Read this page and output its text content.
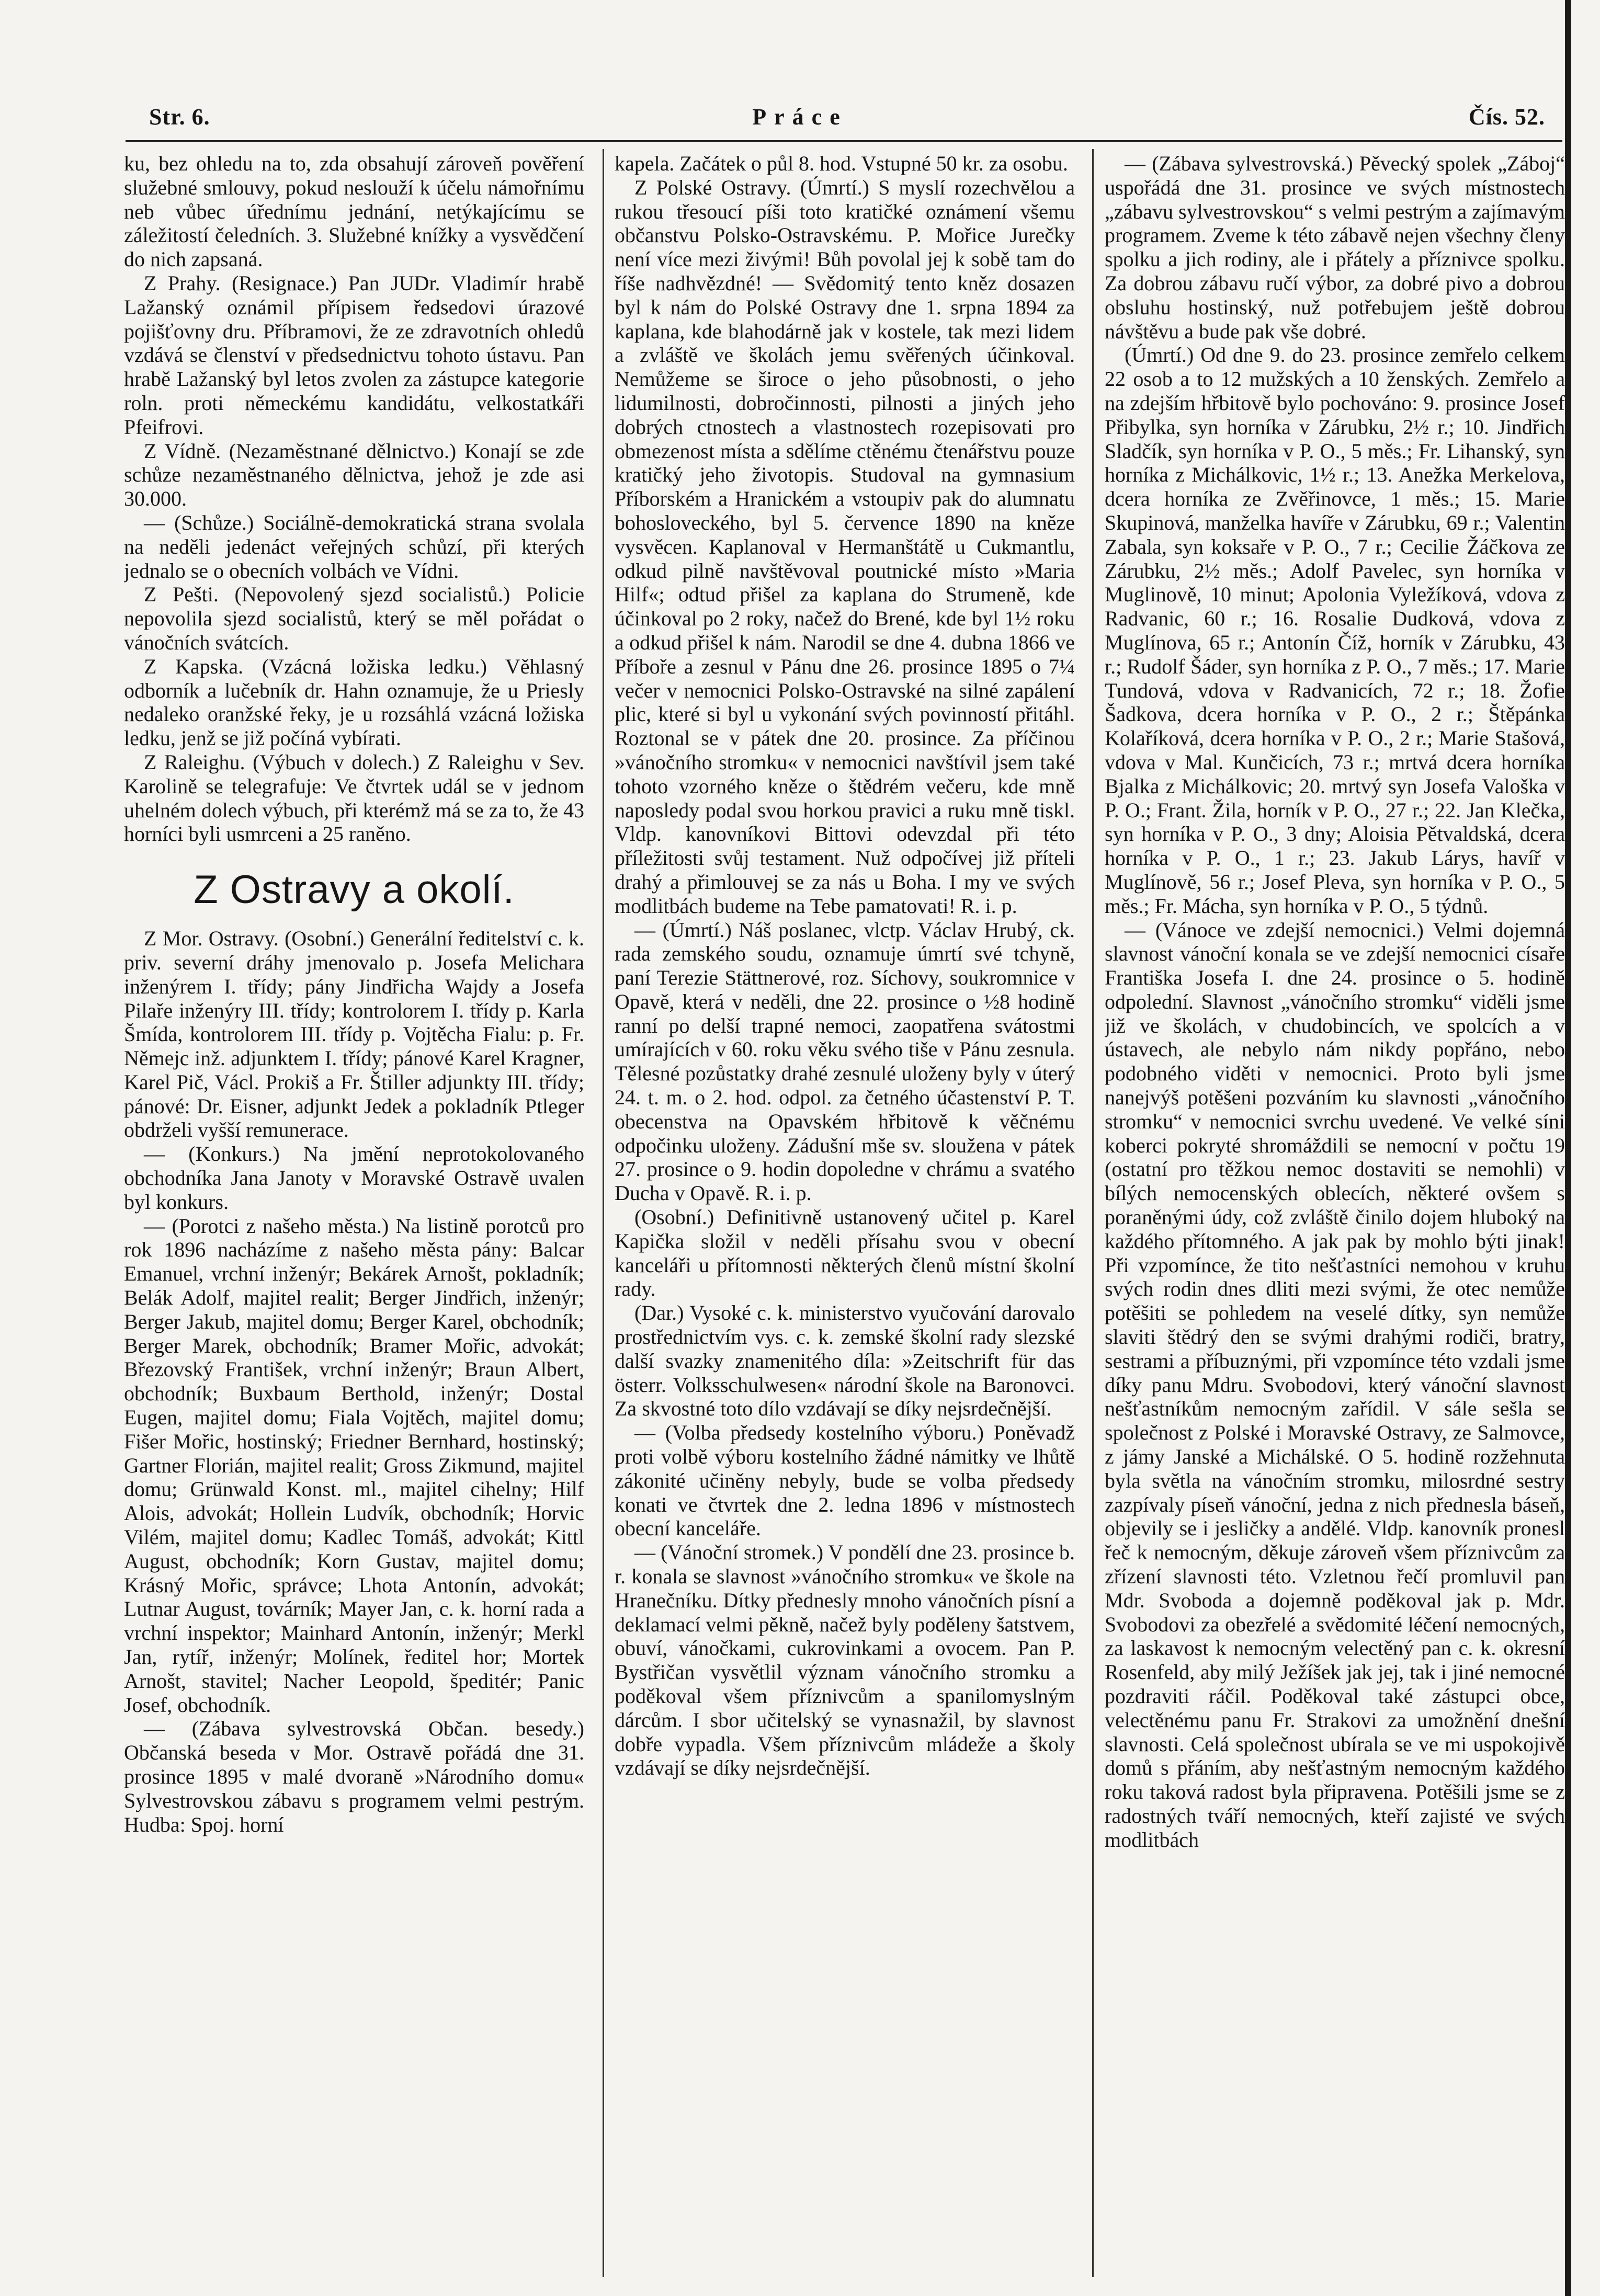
Str. 6.	Práce	Čís. 52.

ku, bez ohledu na to, zda obsahují zároveň pověření služebné smlouvy, pokud neslouží k účelu námořnímu neb vůbec úřednímu jednání, netýkajícímu se záležitostí čeledních. 3. Služebné knížky a vysvědčení do nich zapsaná.

Z Prahy. (Resignace.) Pan JUDr. Vladimír hrabě Lažanský oznámil přípisem ředsedovi úrazové pojišťovny dru. Příbramovi, že ze zdravotních ohledů vzdává se členství v předsednictvu tohoto ústavu. Pan hrabě Lažanský byl letos zvolen za zástupce kategorie roln. proti německému kandidátu, velkostatkáři Pfeifrovi.

Z Vídně. (Nezaměstnané dělnictvo.) Konají se zde schůze nezaměstnaného dělnictva, jehož je zde asi 30.000.

— (Schůze.) Sociálně-demokratická strana svolala na neděli jedenáct veřejných schůzí, při kterých jednalo se o obecních volbách ve Vídni.

Z Pešti. (Nepovolený sjezd socialistů.) Policie nepovolila sjezd socialistů, který se měl pořádat o vánočních svátcích.

Z Kapska. (Vzácná ložiska ledku.) Věhlasný odborník a lučebník dr. Hahn oznamuje, že u Priesly nedaleko oranžské řeky, je u rozsáhlá vzácná ložiska ledku, jenž se již počíná vybírati.

Z Raleighu. (Výbuch v dolech.) Z Raleighu v Sev. Karolině se telegrafuje: Ve čtvrtek udál se v jednom uhelném dolech výbuch, při kterémž má se za to, že 43 horníci byli usmrceni a 25 raněno.

Z Ostravy a okolí.

Z Mor. Ostravy. (Osobní.) Generální ředitelství c. k. priv. severní dráhy jmenovalo p. Josefa Melichara inženýrem I. třídy; pány Jindřicha Wajdy a Josefa Pilaře inženýry III. třídy; kontrolorem I. třídy p. Karla Šmída, kontrolorem III. třídy p. Vojtěcha Fialu: p. Fr. Němejc inž. adjunktem I. třídy; pánové Karel Kragner, Karel Pič, Václ. Prokiš a Fr. Štiller adjunkty III. třídy; pánové: Dr. Eisner, adjunkt Jedek a pokladník Ptleger obdrželi vyšší remunerace.

— (Konkurs.) Na jmění neprotokolovaného obchodníka Jana Janoty v Moravské Ostravě uvalen byl konkurs.

— (Porotci z našeho města.) Na listině porotců pro rok 1896 nacházíme z našeho města pány: Balcar Emanuel, vrchní inženýr; Bekárek Arnošt, pokladník; Belák Adolf, majitel realit; Berger Jindřich, inženýr; Berger Jakub, majitel domu; Berger Karel, obchodník; Berger Marek, obchodník; Bramer Mořic, advokát; Březovský František, vrchní inženýr; Braun Albert, obchodník; Buxbaum Berthold, inženýr; Dostal Eugen, majitel domu; Fiala Vojtěch, majitel domu; Fišer Mořic, hostinský; Friedner Bernhard, hostinský; Gartner Florián, majitel realit; Gross Zikmund, majitel domu; Grünwald Konst. ml., majitel cihelny; Hilf Alois, advokát; Hollein Ludvík, obchodník; Horvic Vilém, majitel domu; Kadlec Tomáš, advokát; Kittl August, obchodník; Korn Gustav, majitel domu; Krásný Mořic, správce; Lhota Antonín, advokát; Lutnar August, továrník; Mayer Jan, c. k. horní rada a vrchní inspektor; Mainhard Antonín, inženýr; Merkl Jan, rytíř, inženýr; Molínek, ředitel hor; Mortek Arnošt, stavitel; Nacher Leopold, špeditér; Panic Josef, obchodník.

— (Zábava sylvestrovská Občan. besedy.) Občanská beseda v Mor. Ostravě pořádá dne 31. prosince 1895 v malé dvoraně »Národního domu« Sylvestrovskou zábavu s programem velmi pestrým. Hudba: Spoj. horní

kapela. Začátek o půl 8. hod. Vstupné 50 kr. za osobu.

Z Polské Ostravy. (Úmrtí.) S myslí rozechvělou a rukou třesoucí píši toto kratičké oznámení všemu občanstvu Polsko-Ostravskému. P. Mořice Jurečky není více mezi živými! Bůh povolal jej k sobě tam do říše nadhvězdné! — Svědomitý tento kněz dosazen byl k nám do Polské Ostravy dne 1. srpna 1894 za kaplana, kde blahodárně jak v kostele, tak mezi lidem a zvláště ve školách jemu svěřených účinkoval. Nemůžeme se široce o jeho působnosti, o jeho lidumilnosti, dobročinnosti, pilnosti a jiných jeho dobrých ctnostech a vlastnostech rozepisovati pro obmezenost místa a sdělíme ctěnému čtenářstvu pouze kratičký jeho životopis. Studoval na gymnasium Příborském a Hranickém a vstoupiv pak do alumnatu bohosloveckého, byl 5. července 1890 na kněze vysvěcen. Kaplanoval v Hermanštátě u Cukmantlu, odkud pilně navštěvoval poutnické místo »Maria Hilf«; odtud přišel za kaplana do Strumeně, kde účinkoval po 2 roky, načež do Brené, kde byl 1½ roku a odkud přišel k nám. Narodil se dne 4. dubna 1866 ve Příboře a zesnul v Pánu dne 26. prosince 1895 o 7¼ večer v nemocnici Polsko-Ostravské na silné zapálení plic, které si byl u vykonání svých povinností přitáhl. Roztonal se v pátek dne 20. prosince. Za příčinou »vánočního stromku« v nemocnici navštívil jsem také tohoto vzorného kněze o štědrém večeru, kde mně naposledy podal svou horkou pravici a ruku mně tiskl. Vldp. kanovníkovi Bittovi odevzdal při této příležitosti svůj testament. Nuž odpočívej již příteli drahý a přimlouvej se za nás u Boha. I my ve svých modlitbách budeme na Tebe pamatovati! R. i. p.

— (Úmrtí.) Náš poslanec, vlctp. Václav Hrubý, ck. rada zemského soudu, oznamuje úmrtí své tchyně, paní Terezie Stättnerové, roz. Síchovy, soukromnice v Opavě, která v neděli, dne 22. prosince o ½8 hodině ranní po delší trapné nemoci, zaopatřena svátostmi umírajících v 60. roku věku svého tiše v Pánu zesnula. Tělesné pozůstatky drahé zesnulé uloženy byly v úterý 24. t. m. o 2. hod. odpol. za četného účastenství P. T. obecenstva na Opavském hřbitově k věčnému odpočinku uloženy. Zádušní mše sv. sloužena v pátek 27. prosince o 9. hodin dopoledne v chrámu a svatého Ducha v Opavě. R. i. p.

(Osobní.) Definitivně ustanovený učitel p. Karel Kapička složil v neděli přísahu svou v obecní kanceláři u přítomnosti některých členů místní školní rady.

(Dar.) Vysoké c. k. ministerstvo vyučování darovalo prostřednictvím vys. c. k. zemské školní rady slezské další svazky znamenitého díla: »Zeitschrift für das österr. Volksschulwesen« národní škole na Baronovci. Za skvostné toto dílo vzdávají se díky nejsrdečnější.

— (Volba předsedy kostelního výboru.) Poněvadž proti volbě výboru kostelního žádné námitky ve lhůtě zákonité učiněny nebyly, bude se volba předsedy konati ve čtvrtek dne 2. ledna 1896 v místnostech obecní kanceláře.

— (Vánoční stromek.) V pondělí dne 23. prosince b. r. konala se slavnost »vánočního stromku« ve škole na Hranečníku. Dítky přednesly mnoho vánočních písní a deklamací velmi pěkně, načež byly poděleny šatstvem, obuví, vánočkami, cukrovinkami a ovocem. Pan P. Bystřičan vysvětlil význam vánočního stromku a poděkoval všem příznivcům a spanilomyslným dárcům. I sbor učitelský se vynasnažil, by slavnost dobře vypadla. Všem příznivcům mládeže a školy vzdávají se díky nejsrdečnější.

— (Zábava sylvestrovská.) Pěvecký spolek „Záboj“ uspořádá dne 31. prosince ve svých místnostech „zábavu sylvestrovskou“ s velmi pestrým a zajímavým programem. Zveme k této zábavě nejen všechny členy spolku a jich rodiny, ale i přátely a příznivce spolku. Za dobrou zábavu ručí výbor, za dobré pivo a dobrou obsluhu hostinský, nuž potřebujem ještě dobrou návštěvu a bude pak vše dobré.

(Úmrtí.) Od dne 9. do 23. prosince zemřelo celkem 22 osob a to 12 mužských a 10 ženských. Zemřelo a na zdejším hřbitově bylo pochováno: 9. prosince Josef Přibylka, syn horníka v Zárubku, 2½ r.; 10. Jindřich Sladčík, syn horníka v P. O., 5 měs.; Fr. Lihanský, syn horníka z Michálkovic, 1½ r.; 13. Anežka Merkelova, dcera horníka ze Zvěřinovce, 1 měs.; 15. Marie Skupinová, manželka havíře v Zárubku, 69 r.; Valentin Zabala, syn koksaře v P. O., 7 r.; Cecilie Žáčkova ze Zárubku, 2½ měs.; Adolf Pavelec, syn horníka v Muglinově, 10 minut; Apolonia Vyležíková, vdova z Radvanic, 60 r.; 16. Rosalie Dudková, vdova z Muglínova, 65 r.; Antonín Číž, horník v Zárubku, 43 r.; Rudolf Šáder, syn horníka z P. O., 7 měs.; 17. Marie Tundová, vdova v Radvanicích, 72 r.; 18. Žofie Šadkova, dcera horníka v P. O., 2 r.; Štěpánka Kolaříková, dcera horníka v P. O., 2 r.; Marie Stašová, vdova v Mal. Kunčicích, 73 r.; mrtvá dcera horníka Bjalka z Michálkovic; 20. mrtvý syn Josefa Valoška v P. O.; Frant. Žila, horník v P. O., 27 r.; 22. Jan Klečka, syn horníka v P. O., 3 dny; Aloisia Pětvaldská, dcera horníka v P. O., 1 r.; 23. Jakub Lárys, havíř v Muglínově, 56 r.; Josef Pleva, syn horníka v P. O., 5 měs.; Fr. Mácha, syn horníka v P. O., 5 týdnů.

— (Vánoce ve zdejší nemocnici.) Velmi dojemná slavnost vánoční konala se ve zdejší nemocnici císaře Františka Josefa I. dne 24. prosince o 5. hodině odpolední. Slavnost „vánočního stromku“ viděli jsme již ve školách, v chudobincích, ve spolcích a v ústavech, ale nebylo nám nikdy popřáno, nebo podobného viděti v nemocnici. Proto byli jsme nanejvýš potěšeni pozváním ku slavnosti „vánočního stromku“ v nemocnici svrchu uvedené. Ve velké síni koberci pokryté shromáždili se nemocní v počtu 19 (ostatní pro těžkou nemoc dostaviti se nemohli) v bílých nemocenských oblecích, některé ovšem s poraněnými údy, což zvláště činilo dojem hluboký na každého přítomného. A jak pak by mohlo býti jinak! Při vzpomínce, že tito nešťastníci nemohou v kruhu svých rodin dnes dliti mezi svými, že otec nemůže potěšiti se pohledem na veselé dítky, syn nemůže slaviti štědrý den se svými drahými rodiči, bratry, sestrami a příbuznými, při vzpomínce této vzdali jsme díky panu Mdru. Svobodovi, který vánoční slavnost nešťastníkům nemocným zařídil. V sále sešla se společnost z Polské i Moravské Ostravy, ze Salmovce, z jámy Janské a Michálské. O 5. hodině rozžehnuta byla světla na vánočním stromku, milosrdné sestry zazpívaly píseň vánoční, jedna z nich přednesla báseň, objevily se i jesličky a andělé. Vldp. kanovník pronesl řeč k nemocným, děkuje zároveň všem příznivcům za zřízení slavnosti této. Vzletnou řečí promluvil pan Mdr. Svoboda a dojemně poděkoval jak p. Mdr. Svobodovi za obezřelé a svědomité léčení nemocných, za laskavost k nemocným velectěný pan c. k. okresní Rosenfeld, aby milý Ježíšek jak jej, tak i jiné nemocné pozdraviti ráčil. Poděkoval také zástupci obce, velectěnému panu Fr. Strakovi za umožnění dnešní slavnosti. Celá společnost ubírala se ve mi uspokojivě domů s přáním, aby nešťastným nemocným každého roku taková radost byla připravena. Potěšili jsme se z radostných tváří nemocných, kteří zajisté ve svých modlitbách
